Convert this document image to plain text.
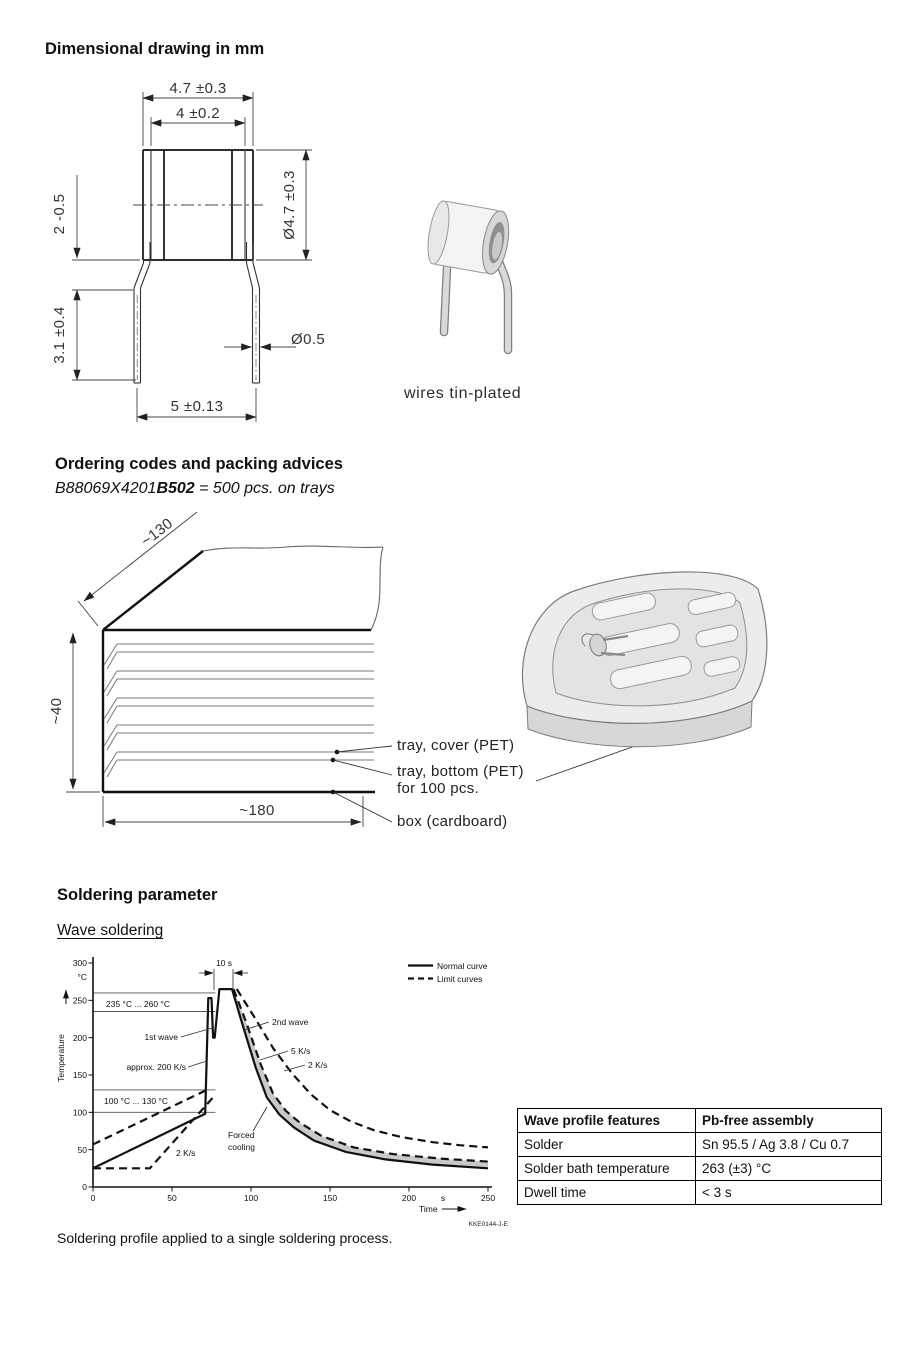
Dimensional drawing in mm
4.7 ±0.3
4 ±0.2
Ø4.7 ±0.3
2 -0.5
3.1 ±0.4	Ø0.5
5 ±0.13
wires tin-plated
Ordering codes and packing advices
B88069X4201B502 = 500 pcs. on trays
~130
~40
~180
tray, cover (PET)
tray, bottom (PET)
for 100 pcs.
box (cardboard)
Soldering parameter
Wave soldering
0
50
100
150
200
250
300
°C
0	50	100	150	200	250
s
Temperature
Time
10 s
235 °C ... 260 °C
1st wave
approx. 200 K/s
100 °C ... 130 °C
2 K/s
2nd wave
5 K/s
2 K/s
Forced
cooling
Normal curve
Limit curves
KKE0144-J-E
Wave profile features	Pb-free assembly
Solder	Sn 95.5 / Ag 3.8 / Cu 0.7
Solder bath temperature	263 (±3) °C
Dwell time	< 3 s
Soldering profile applied to a single soldering process.
